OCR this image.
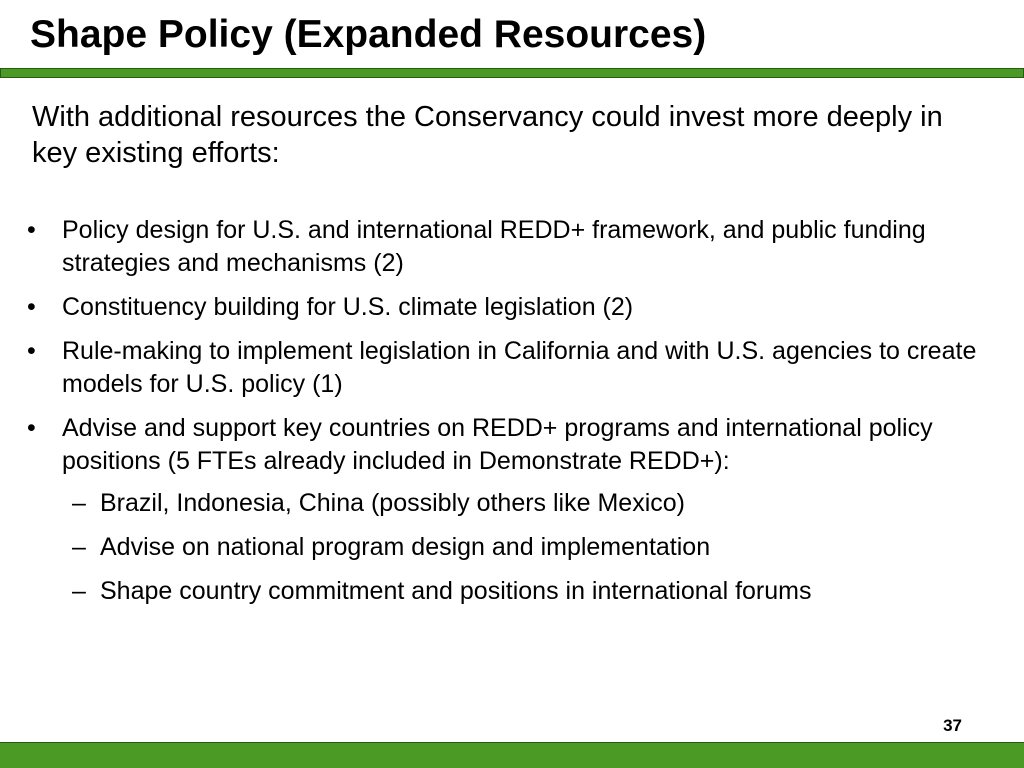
Shape Policy (Expanded Resources)

With additional resources the Conservancy could invest more deeply in key existing efforts:

• Policy design for U.S. and international REDD+ framework, and public funding strategies and mechanisms (2)
• Constituency building for U.S. climate legislation (2)
• Rule-making to implement legislation in California and with U.S. agencies to create models for U.S. policy (1)
• Advise and support key countries on REDD+ programs and international policy positions (5 FTEs already included in Demonstrate REDD+):
– Brazil, Indonesia, China (possibly others like Mexico)
– Advise on national program design and implementation
– Shape country commitment and positions in international forums
37
